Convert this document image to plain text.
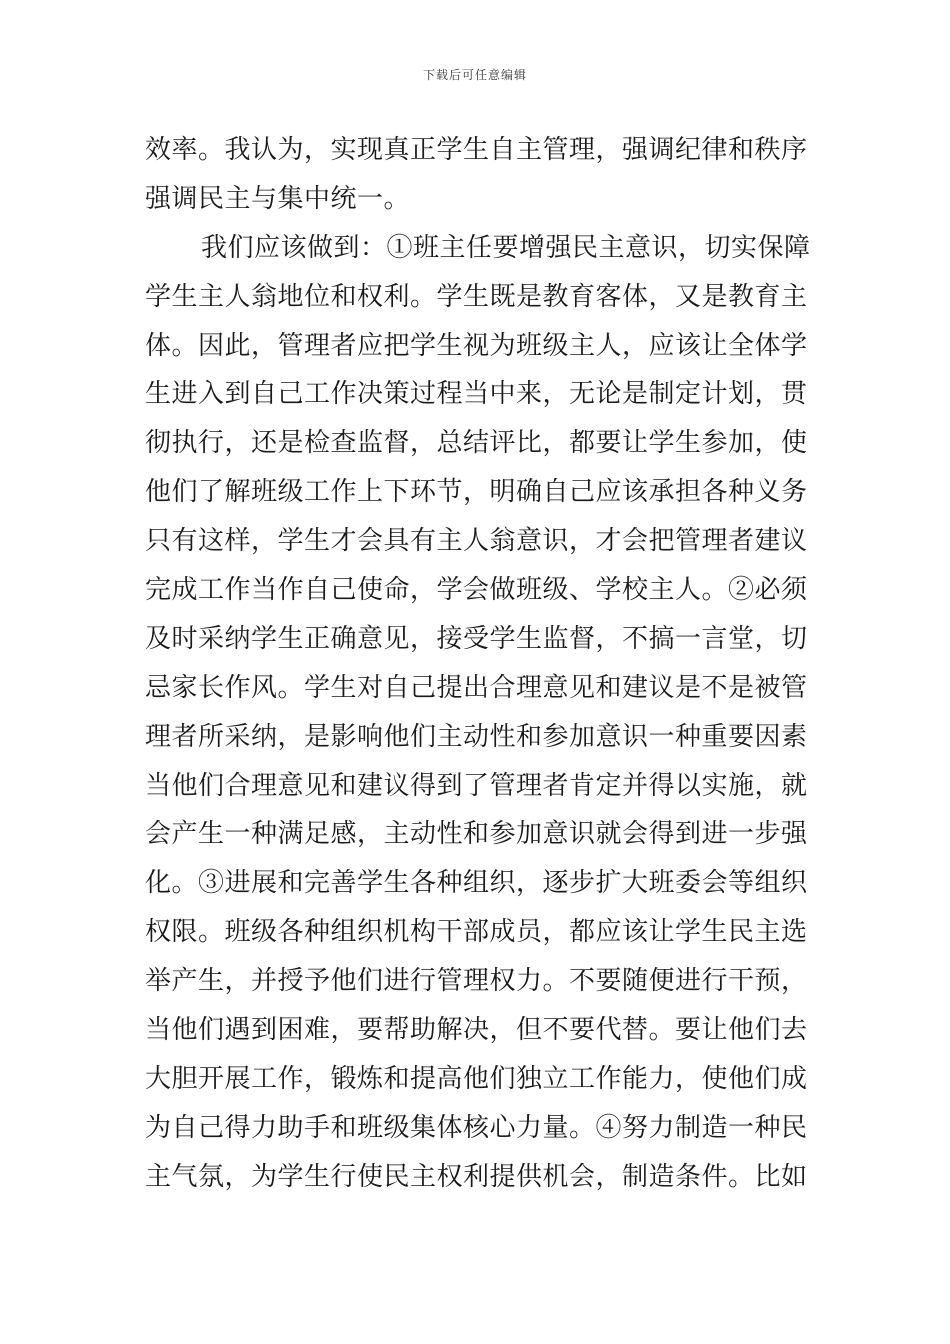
下载后可任意编辑
效率。我认为，实现真正学生自主管理，强调纪律和秩序
强调民主与集中统一。
我们应该做到：①班主任要增强民主意识，切实保障
学生主人翁地位和权利。学生既是教育客体，又是教育主
体。因此，管理者应把学生视为班级主人，应该让全体学
生进入到自己工作决策过程当中来，无论是制定计划，贯
彻执行，还是检查监督，总结评比，都要让学生参加，使
他们了解班级工作上下环节，明确自己应该承担各种义务
只有这样，学生才会具有主人翁意识，才会把管理者建议
完成工作当作自己使命，学会做班级、学校主人。②必须
及时采纳学生正确意见，接受学生监督，不搞一言堂，切
忌家长作风。学生对自己提出合理意见和建议是不是被管
理者所采纳，是影响他们主动性和参加意识一种重要因素
当他们合理意见和建议得到了管理者肯定并得以实施，就
会产生一种满足感，主动性和参加意识就会得到进一步强
化。③进展和完善学生各种组织，逐步扩大班委会等组织
权限。班级各种组织机构干部成员，都应该让学生民主选
举产生，并授予他们进行管理权力。不要随便进行干预，
当他们遇到困难，要帮助解决，但不要代替。要让他们去
大胆开展工作，锻炼和提高他们独立工作能力，使他们成
为自己得力助手和班级集体核心力量。④努力制造一种民
主气氛，为学生行使民主权利提供机会，制造条件。比如
